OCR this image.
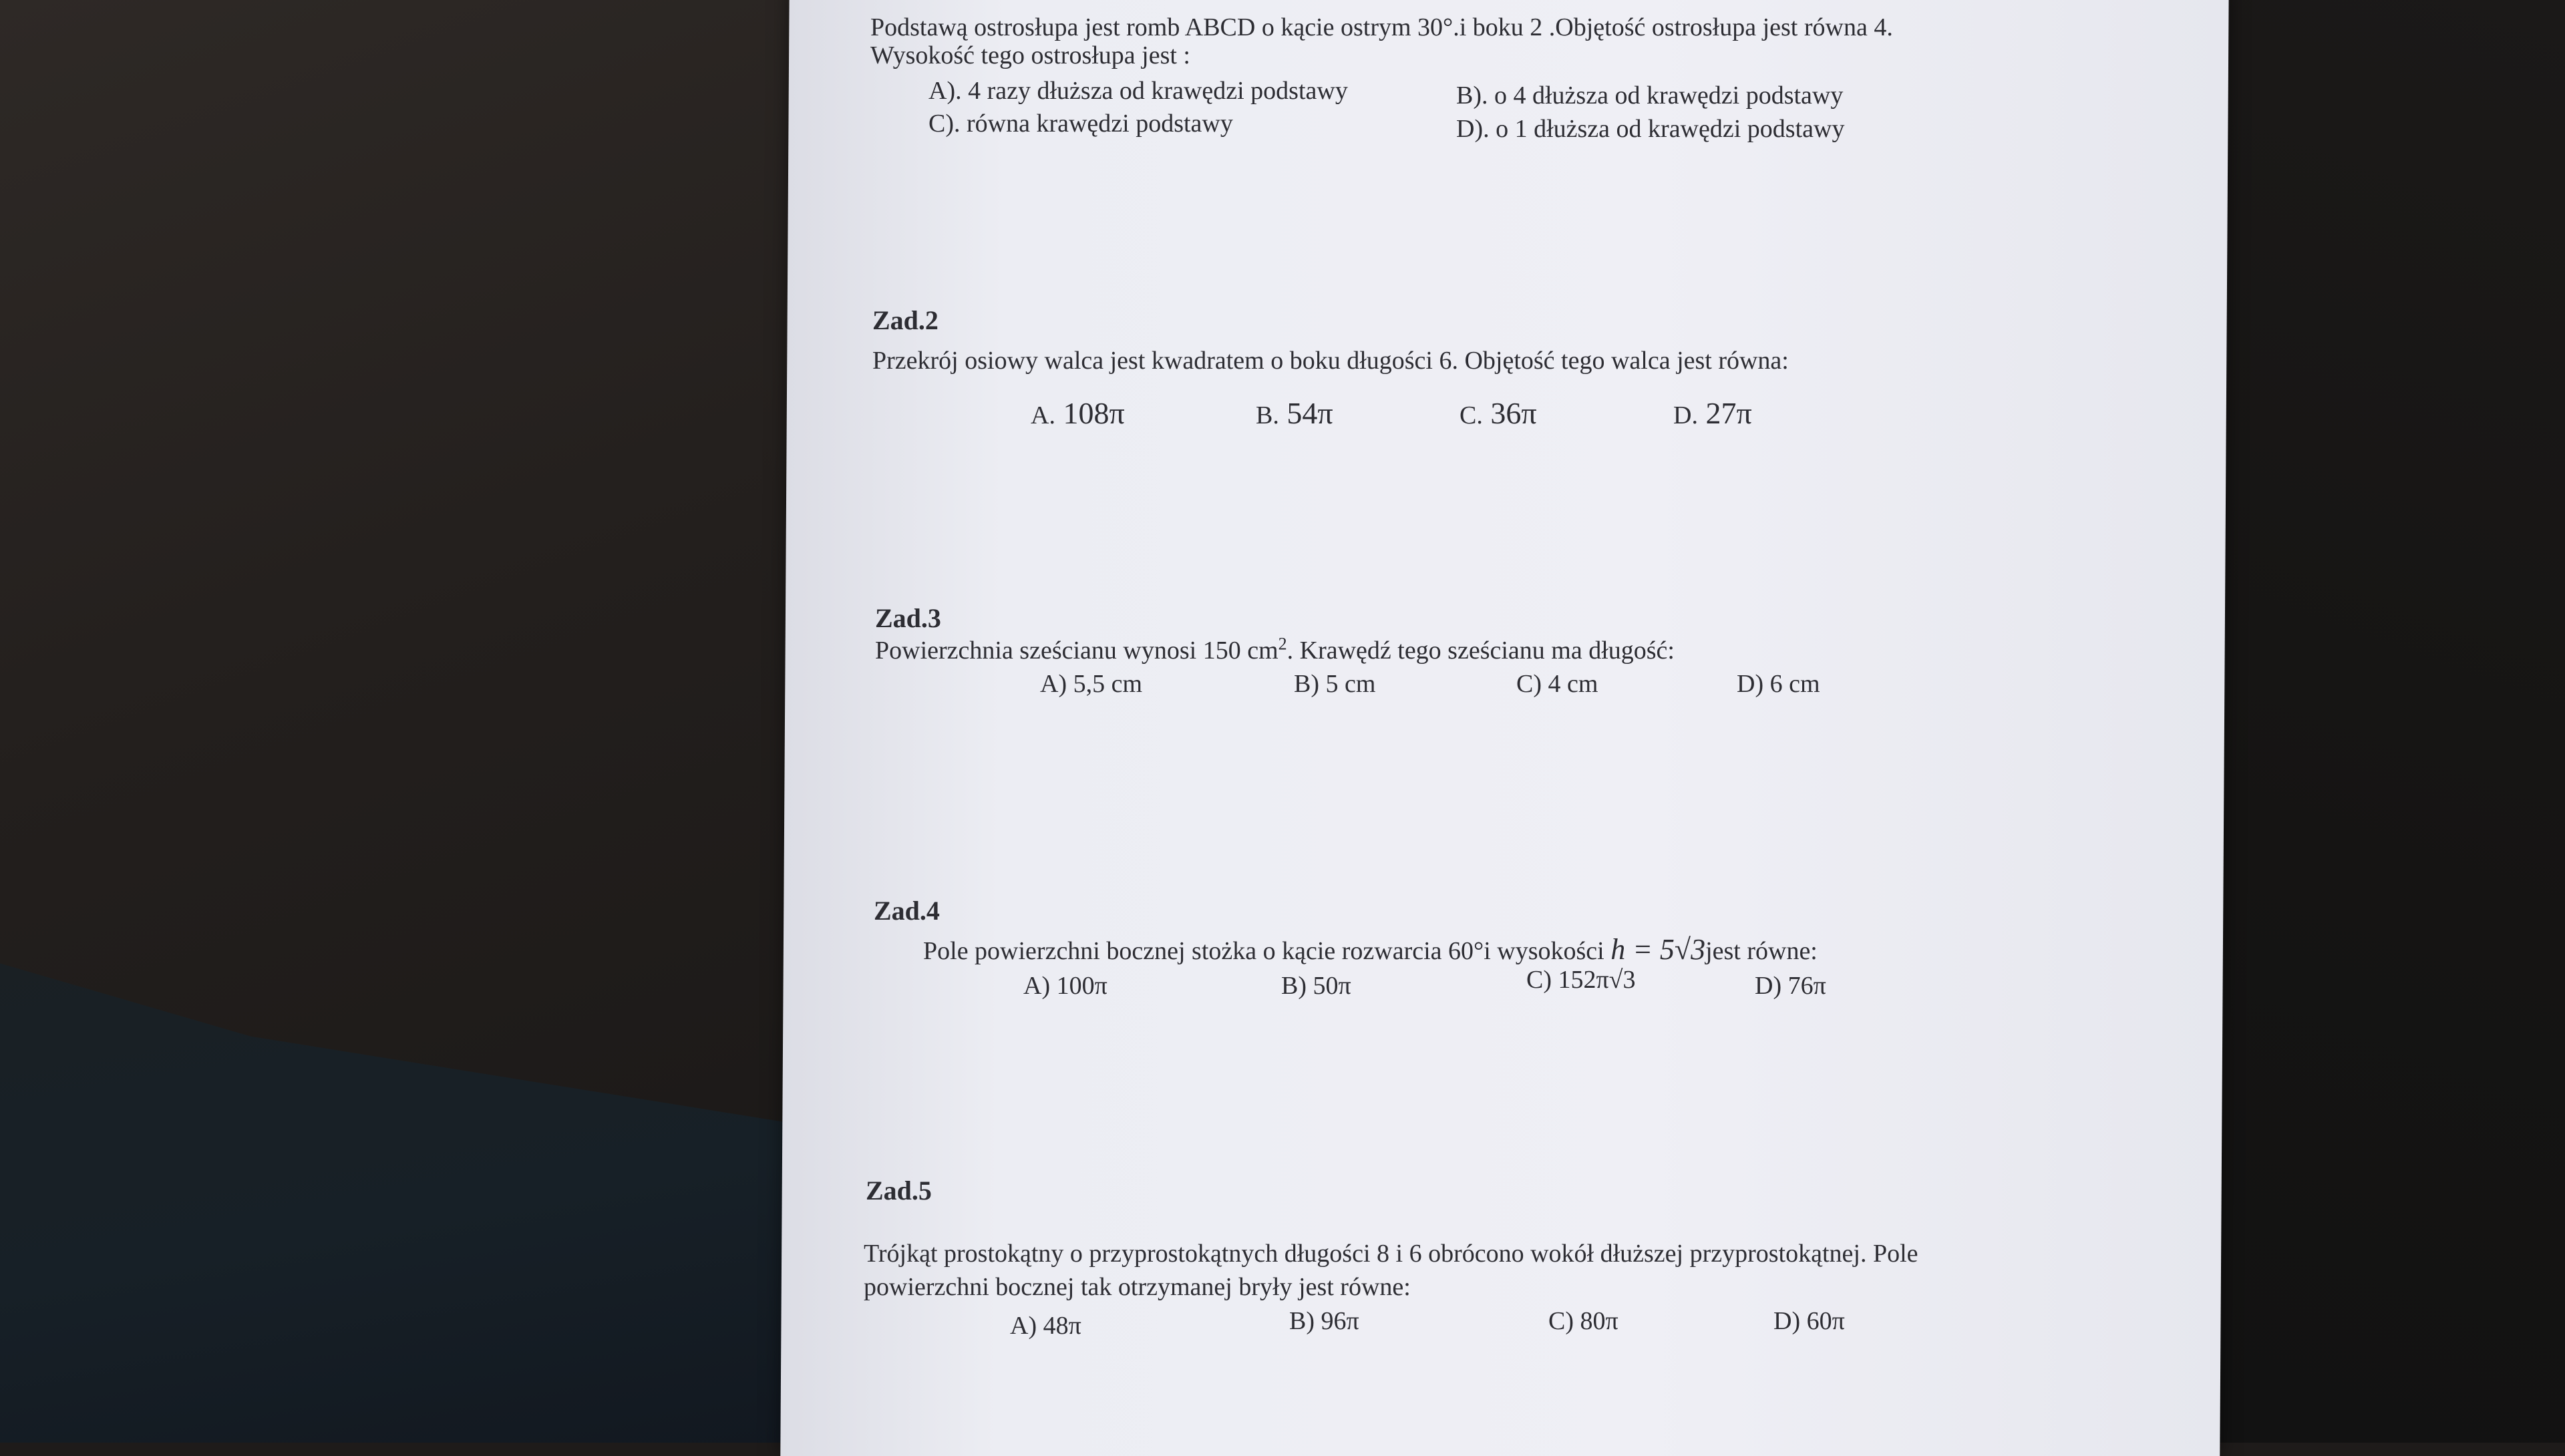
Podstawą ostrosłupa jest romb ABCD o kącie ostrym 30°.i boku 2 .Objętość ostrosłupa jest równa 4.
Wysokość tego ostrosłupa jest :
A). 4 razy dłuższa od krawędzi podstawy	B). o 4 dłuższa od krawędzi podstawy
C). równa krawędzi podstawy	D). o 1 dłuższa od krawędzi podstawy
Zad.2
Przekrój osiowy walca jest kwadratem o boku długości 6. Objętość tego walca jest równa:
A. 108π	B. 54π	C. 36π	D. 27π
Zad.3
Powierzchnia sześcianu wynosi 150 $cm^2$. Krawędź tego sześcianu ma długość:
A) 5,5 cm	B) 5 cm	C) 4 cm	D) 6 cm
Zad.4
Pole powierzchni bocznej stożka o kącie rozwarcia 60°i wysokości h = 5√3jest równe:
A) 100π	B) 50π	C) 152π√3	D) 76π
Zad.5
Trójkąt prostokątny o przyprostokątnych długości 8 i 6 obrócono wokół dłuższej przyprostokątnej. Pole
powierzchni bocznej tak otrzymanej bryły jest równe:
A) 48π	B) 96π	C) 80π	D) 60π
